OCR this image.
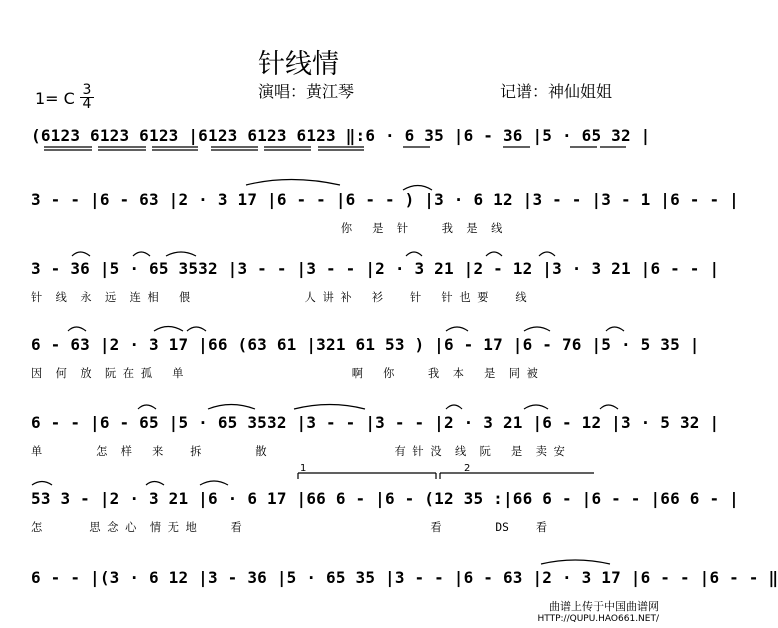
针线情
演唱：黄江琴	记谱：神仙姐姐
1= C 3
4
(6123 6123 6123 |6123 6123 6123 ‖:6 · 6 35 |6 - 36 |5 · 65 32 |
3 - - |6 - 63 |2 · 3 17 |6 - - |6 - - ) |3 · 6 12 |3 - - |3 - 1 |6 - - |
你   是  针     我  是  线
3 - 36 |5 · 65 3532 |3 - - |3 - - |2 · 3 21 |2 - 12 |3 · 3 21 |6 - - |
针  线  永  远  连 相   偎                 人 讲 补   衫    针   针 也 要    线
6 - 63 |2 · 3 17 |66 (63 61 |321 61 53 ) |6 - 17 |6 - 76 |5 · 5 35 |
因  何  放  阮 在 孤   单                         啊   你     我  本   是  同 被
6 - - |6 - 65 |5 · 65 3532 |3 - - |3 - - |2 · 3 21 |6 - 12 |3 · 5 32 |
单        怎  样   来    拆        散                   有 针 没  线  阮   是  卖 安
53 3 - |2 · 3 21 |6 · 6 17 |66 6 - |6 - (12 35 :|66 6 - |6 - - |66 6 - |
怎       思 念 心  情 无 地     看                            看        DS    看
6 - - |(3 · 6 12 |3 - 36 |5 · 65 35 |3 - - |6 - 63 |2 · 3 17 |6 - - |6 - - ‖
1	2
曲谱上传于中国曲谱网
HTTP://QUPU.HAO661.NET/
